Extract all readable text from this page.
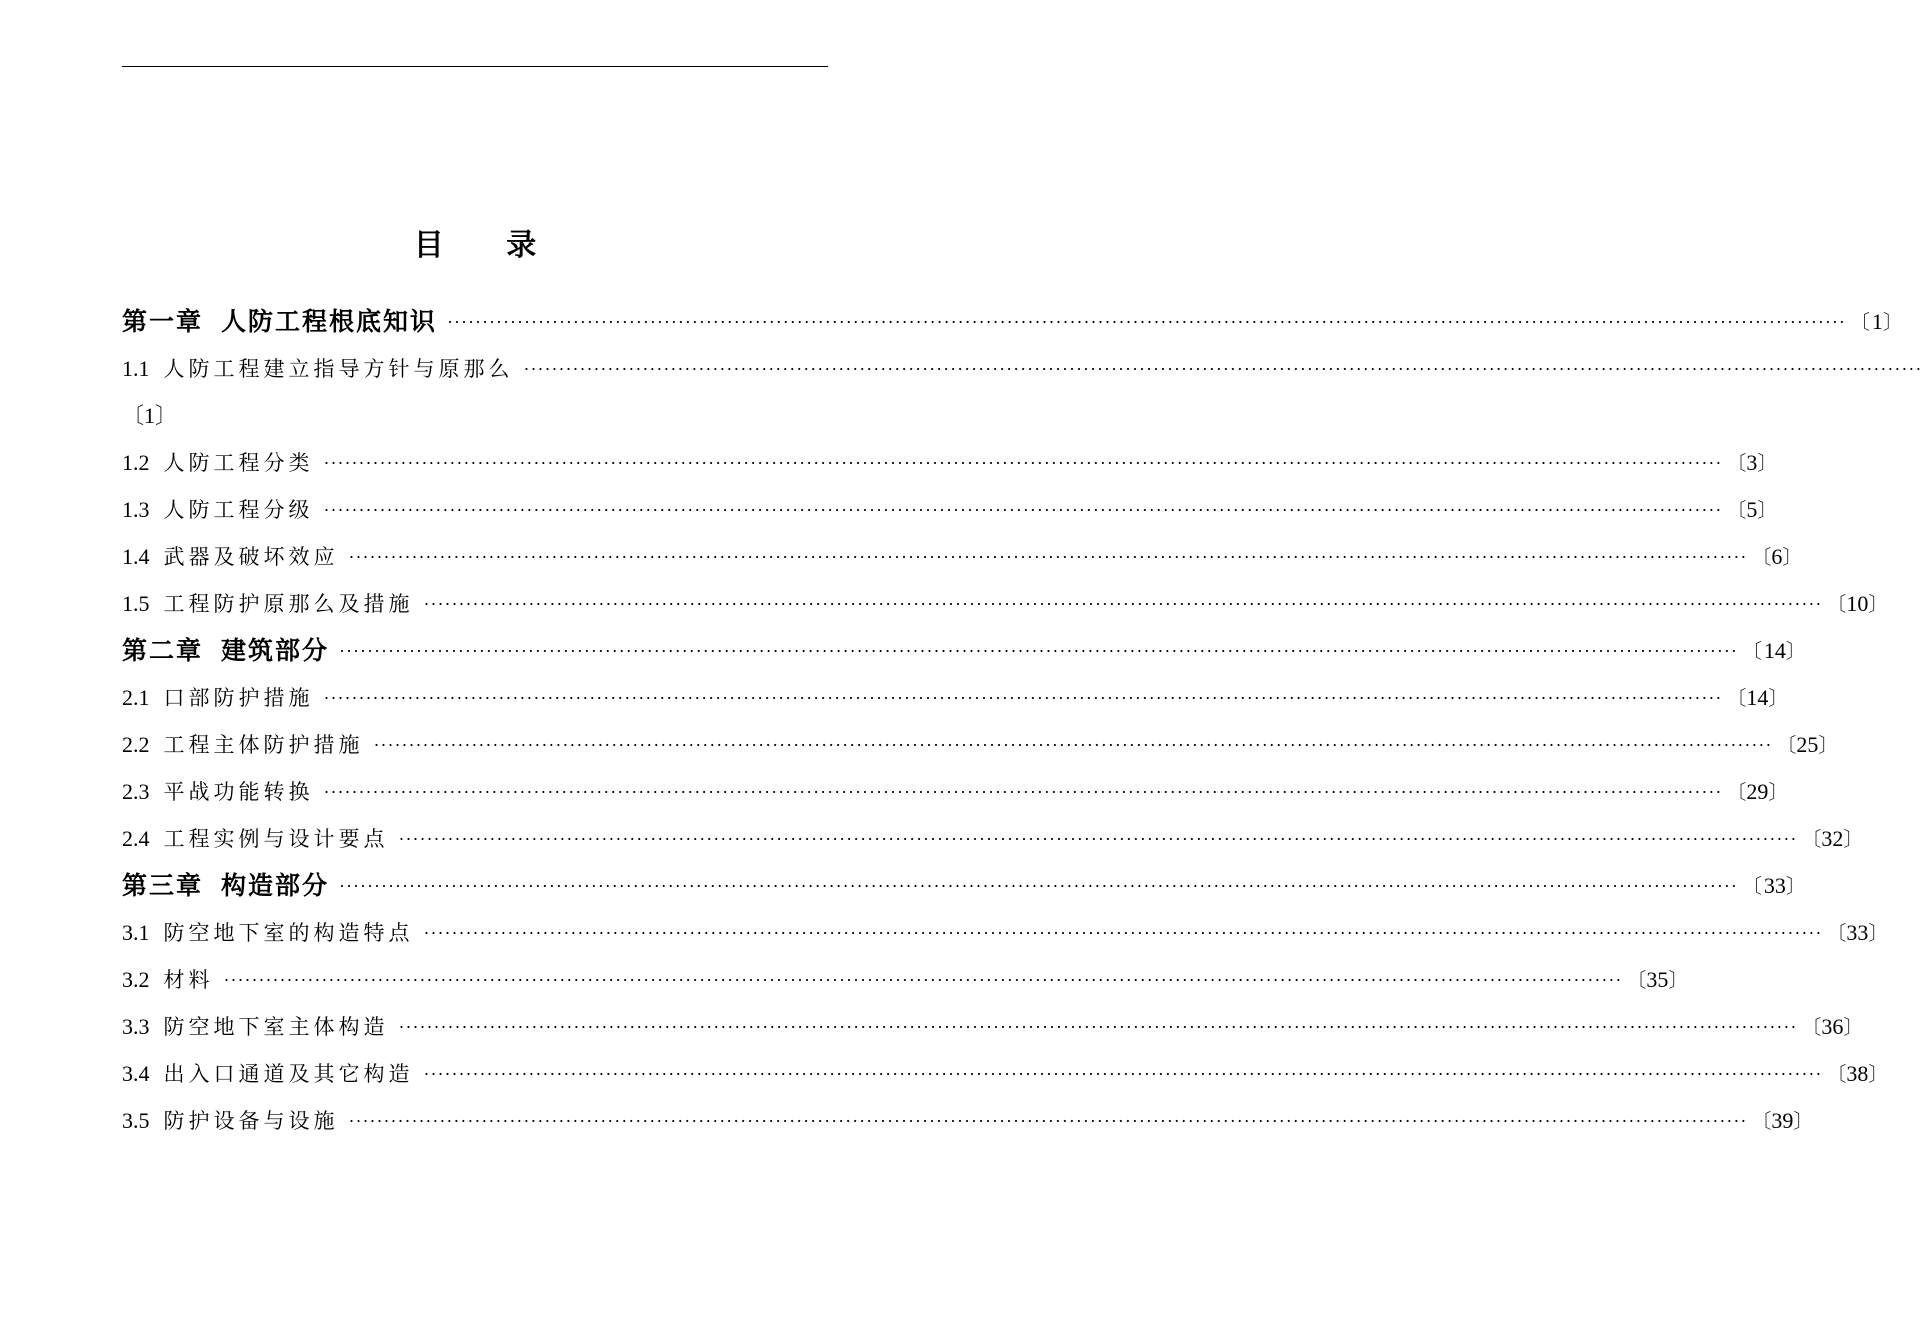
目 录
第一章 人防工程根底知识 ········································································································································································································ 〔 1 〕
1.1 人防工程建立指导方针与原那么 ········································································································································································································
〔1〕
1.2 人防工程分类 ········································································································································································································ 〔 3 〕
1.3 人防工程分级 ········································································································································································································ 〔 5 〕
1.4 武器及破坏效应 ········································································································································································································ 〔 6 〕
1.5 工程防护原那么及措施 ········································································································································································································ 〔 10 〕
第二章 建筑部分 ········································································································································································································ 〔 14 〕
2.1 口部防护措施 ········································································································································································································ 〔 14 〕
2.2 工程主体防护措施 ········································································································································································································ 〔 25 〕
2.3 平战功能转换 ········································································································································································································ 〔 29 〕
2.4 工程实例与设计要点 ········································································································································································································ 〔 32 〕
第三章 构造部分 ········································································································································································································ 〔 33 〕
3.1 防空地下室的构造特点 ········································································································································································································ 〔 33 〕
3.2 材料 ········································································································································································································ 〔 35 〕
3.3 防空地下室主体构造 ········································································································································································································ 〔 36 〕
3.4 出入口通道及其它构造 ········································································································································································································ 〔 38 〕
3.5 防护设备与设施 ········································································································································································································ 〔 39 〕
